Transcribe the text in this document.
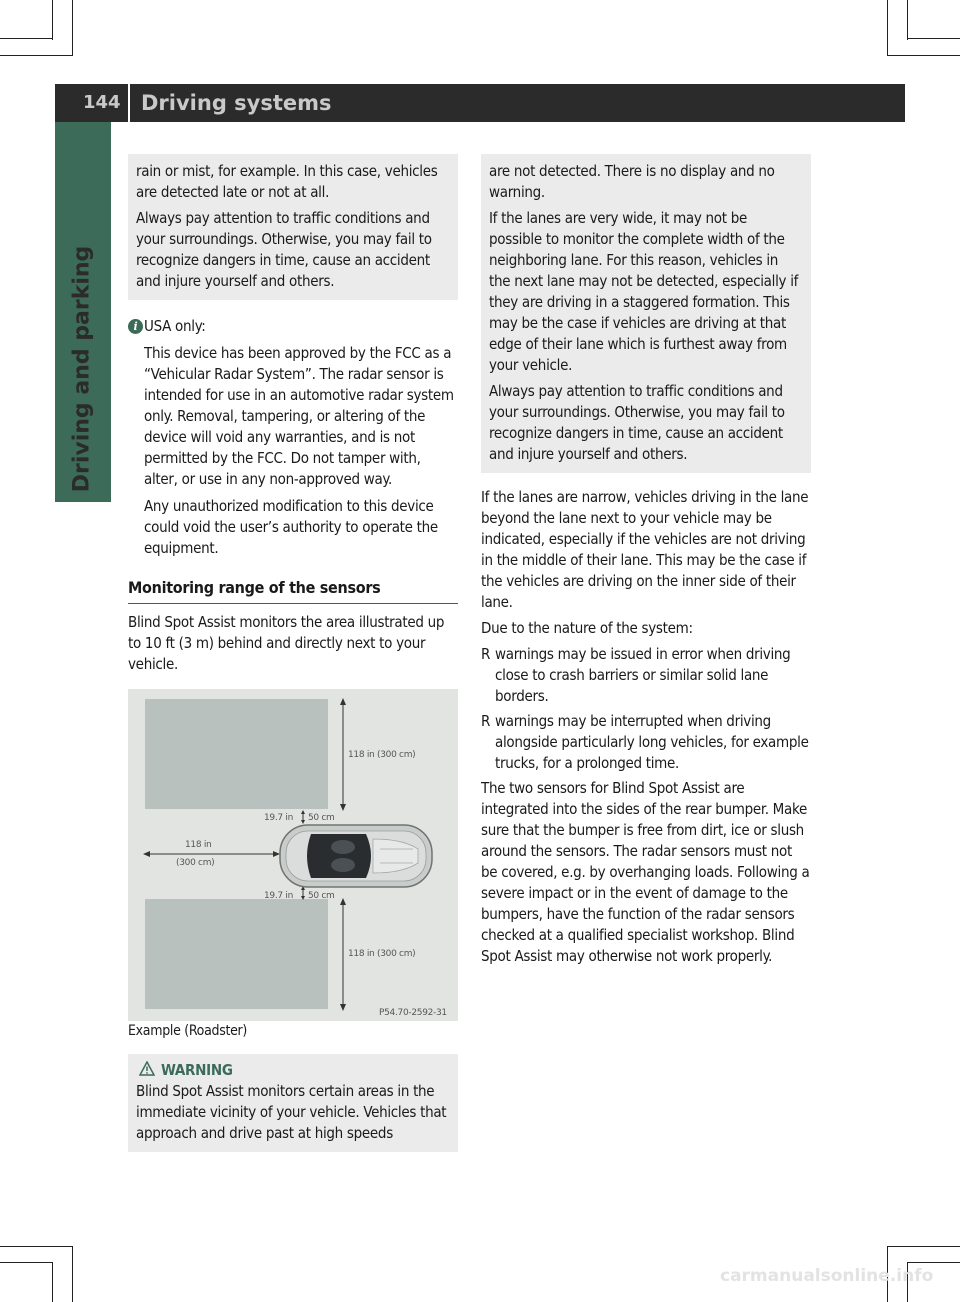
144 Driving systems
Driving and parking

rain or mist, for example. In this case, vehicles are detected late or not at all.

Always pay attention to traffic conditions and your surroundings. Otherwise, you may fail to recognize dangers in time, cause an accident and injure yourself and others.

i USA only:

This device has been approved by the FCC as a “Vehicular Radar System”. The radar sensor is intended for use in an automotive radar system only. Removal, tampering, or altering of the device will void any warranties, and is not permitted by the FCC. Do not tamper with, alter, or use in any non-approved way.

Any unauthorized modification to this device could void the user’s authority to operate the equipment.

Monitoring range of the sensors

Blind Spot Assist monitors the area illustrated up to 10 ft (3 m) behind and directly next to your vehicle.

118 in (300 cm)
118 in (300 cm)
19.7 in 50 cm
19.7 in 50 cm
118 in
(300 cm)
P54.70-2592-31

Example (Roadster)

WARNING

Blind Spot Assist monitors certain areas in the immediate vicinity of your vehicle. Vehicles that approach and drive past at high speeds

are not detected. There is no display and no warning.

If the lanes are very wide, it may not be possible to monitor the complete width of the neighboring lane. For this reason, vehicles in the next lane may not be detected, especially if they are driving in a staggered formation. This may be the case if vehicles are driving at that edge of their lane which is furthest away from your vehicle.

Always pay attention to traffic conditions and your surroundings. Otherwise, you may fail to recognize dangers in time, cause an accident and injure yourself and others.

If the lanes are narrow, vehicles driving in the lane beyond the lane next to your vehicle may be indicated, especially if the vehicles are not driving in the middle of their lane. This may be the case if the vehicles are driving on the inner side of their lane.

Due to the nature of the system:

R warnings may be issued in error when driving close to crash barriers or similar solid lane borders.
R warnings may be interrupted when driving alongside particularly long vehicles, for example trucks, for a prolonged time.

The two sensors for Blind Spot Assist are integrated into the sides of the rear bumper. Make sure that the bumper is free from dirt, ice or slush around the sensors. The radar sensors must not be covered, e.g. by overhanging loads. Following a severe impact or in the event of damage to the bumpers, have the function of the radar sensors checked at a qualified specialist workshop. Blind Spot Assist may otherwise not work properly.

carmanualsonline.info
